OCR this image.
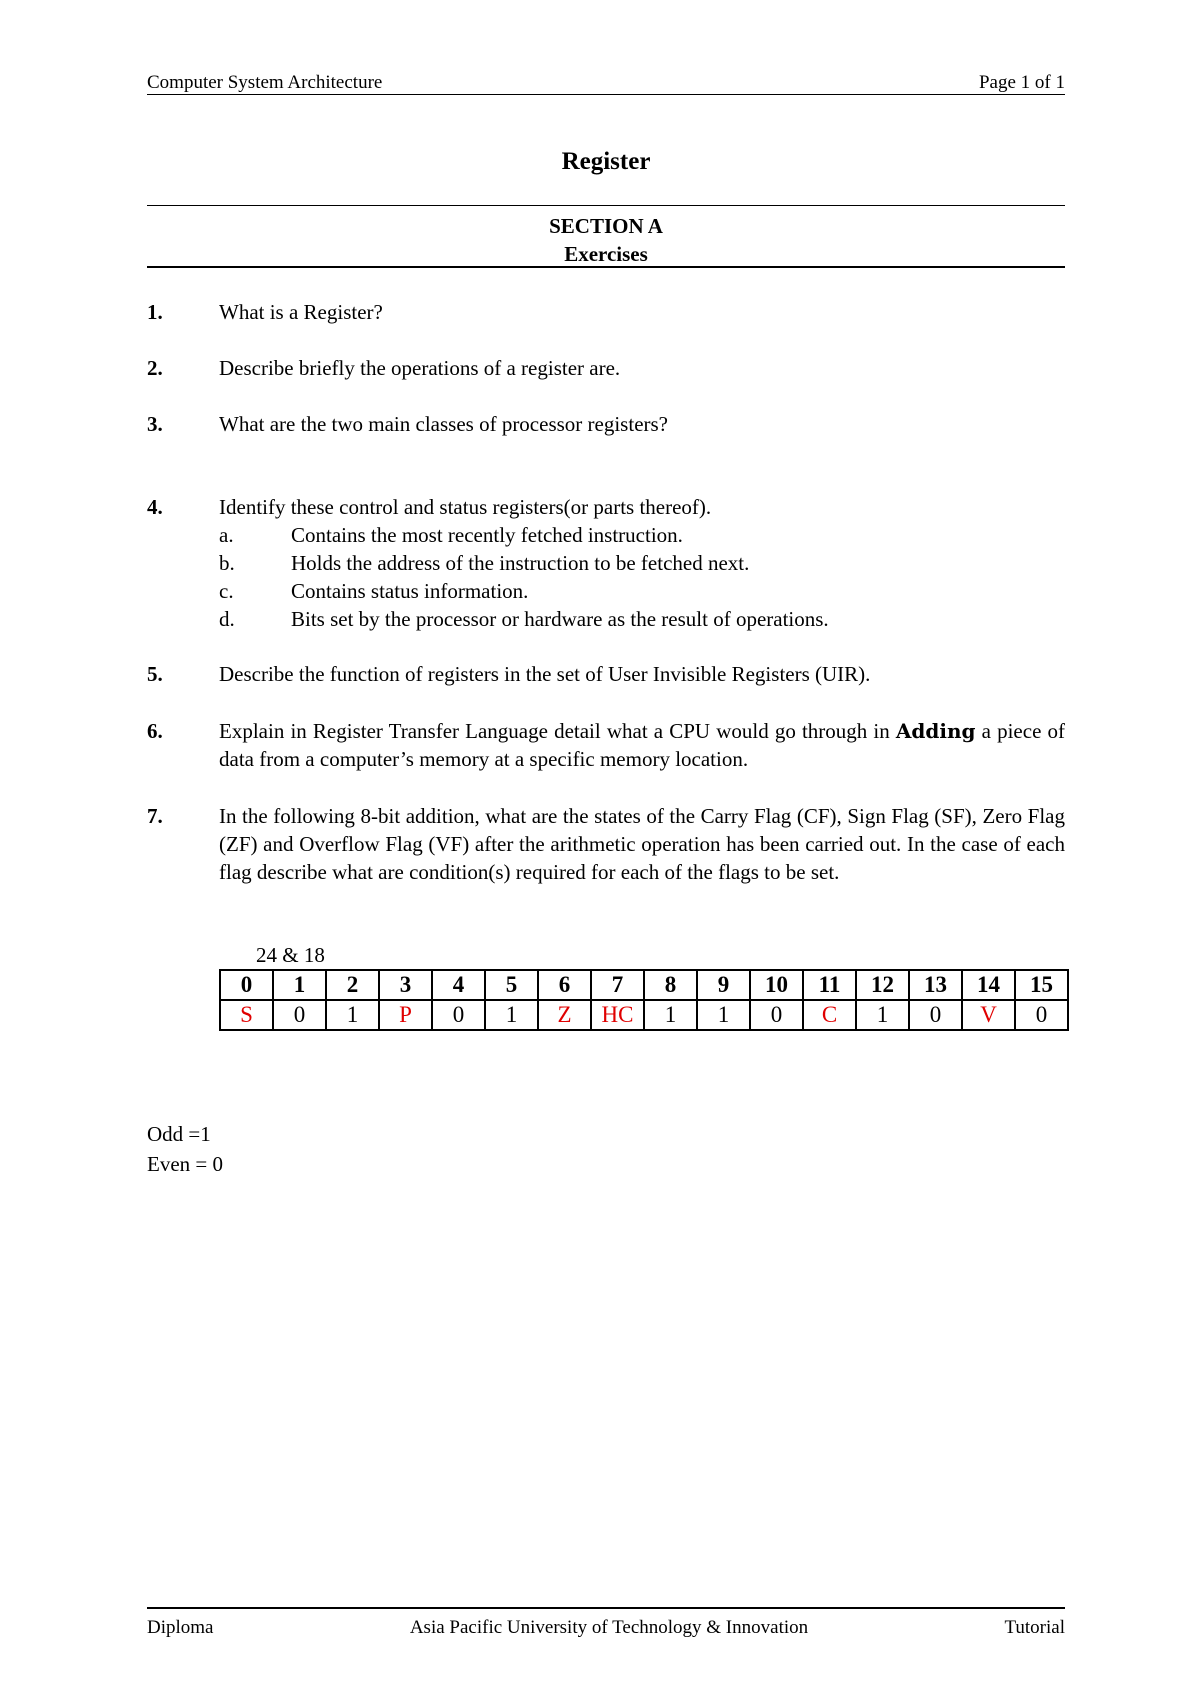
Computer System Architecture	Page 1 of 1
Register
SECTION A
Exercises
1.	What is a Register?
2.	Describe briefly the operations of a register are.
3.	What are the two main classes of processor registers?
4.	Identify these control and status registers(or parts thereof).
a.	Contains the most recently fetched instruction.
b.	Holds the address of the instruction to be fetched next.
c.	Contains status information.
d.	Bits set by the processor or hardware as the result of operations.
5.	Describe the function of registers in the set of User Invisible Registers (UIR).
6.	Explain in Register Transfer Language detail what a CPU would go through in Adding a piece of data from a computer’s memory at a specific memory location.
7.	In the following 8-bit addition, what are the states of the Carry Flag (CF), Sign Flag (SF), Zero Flag (ZF) and Overflow Flag (VF) after the arithmetic operation has been carried out. In the case of each flag describe what are condition(s) required for each of the flags to be set.
24 & 18
0	1	2	3	4	5	6	7	8	9	10	11	12	13	14	15
S	0	1	P	0	1	Z	HC	1	1	0	C	1	0	V	0
Odd =1
Even = 0
Diploma	Asia Pacific University of Technology & Innovation	Tutorial
